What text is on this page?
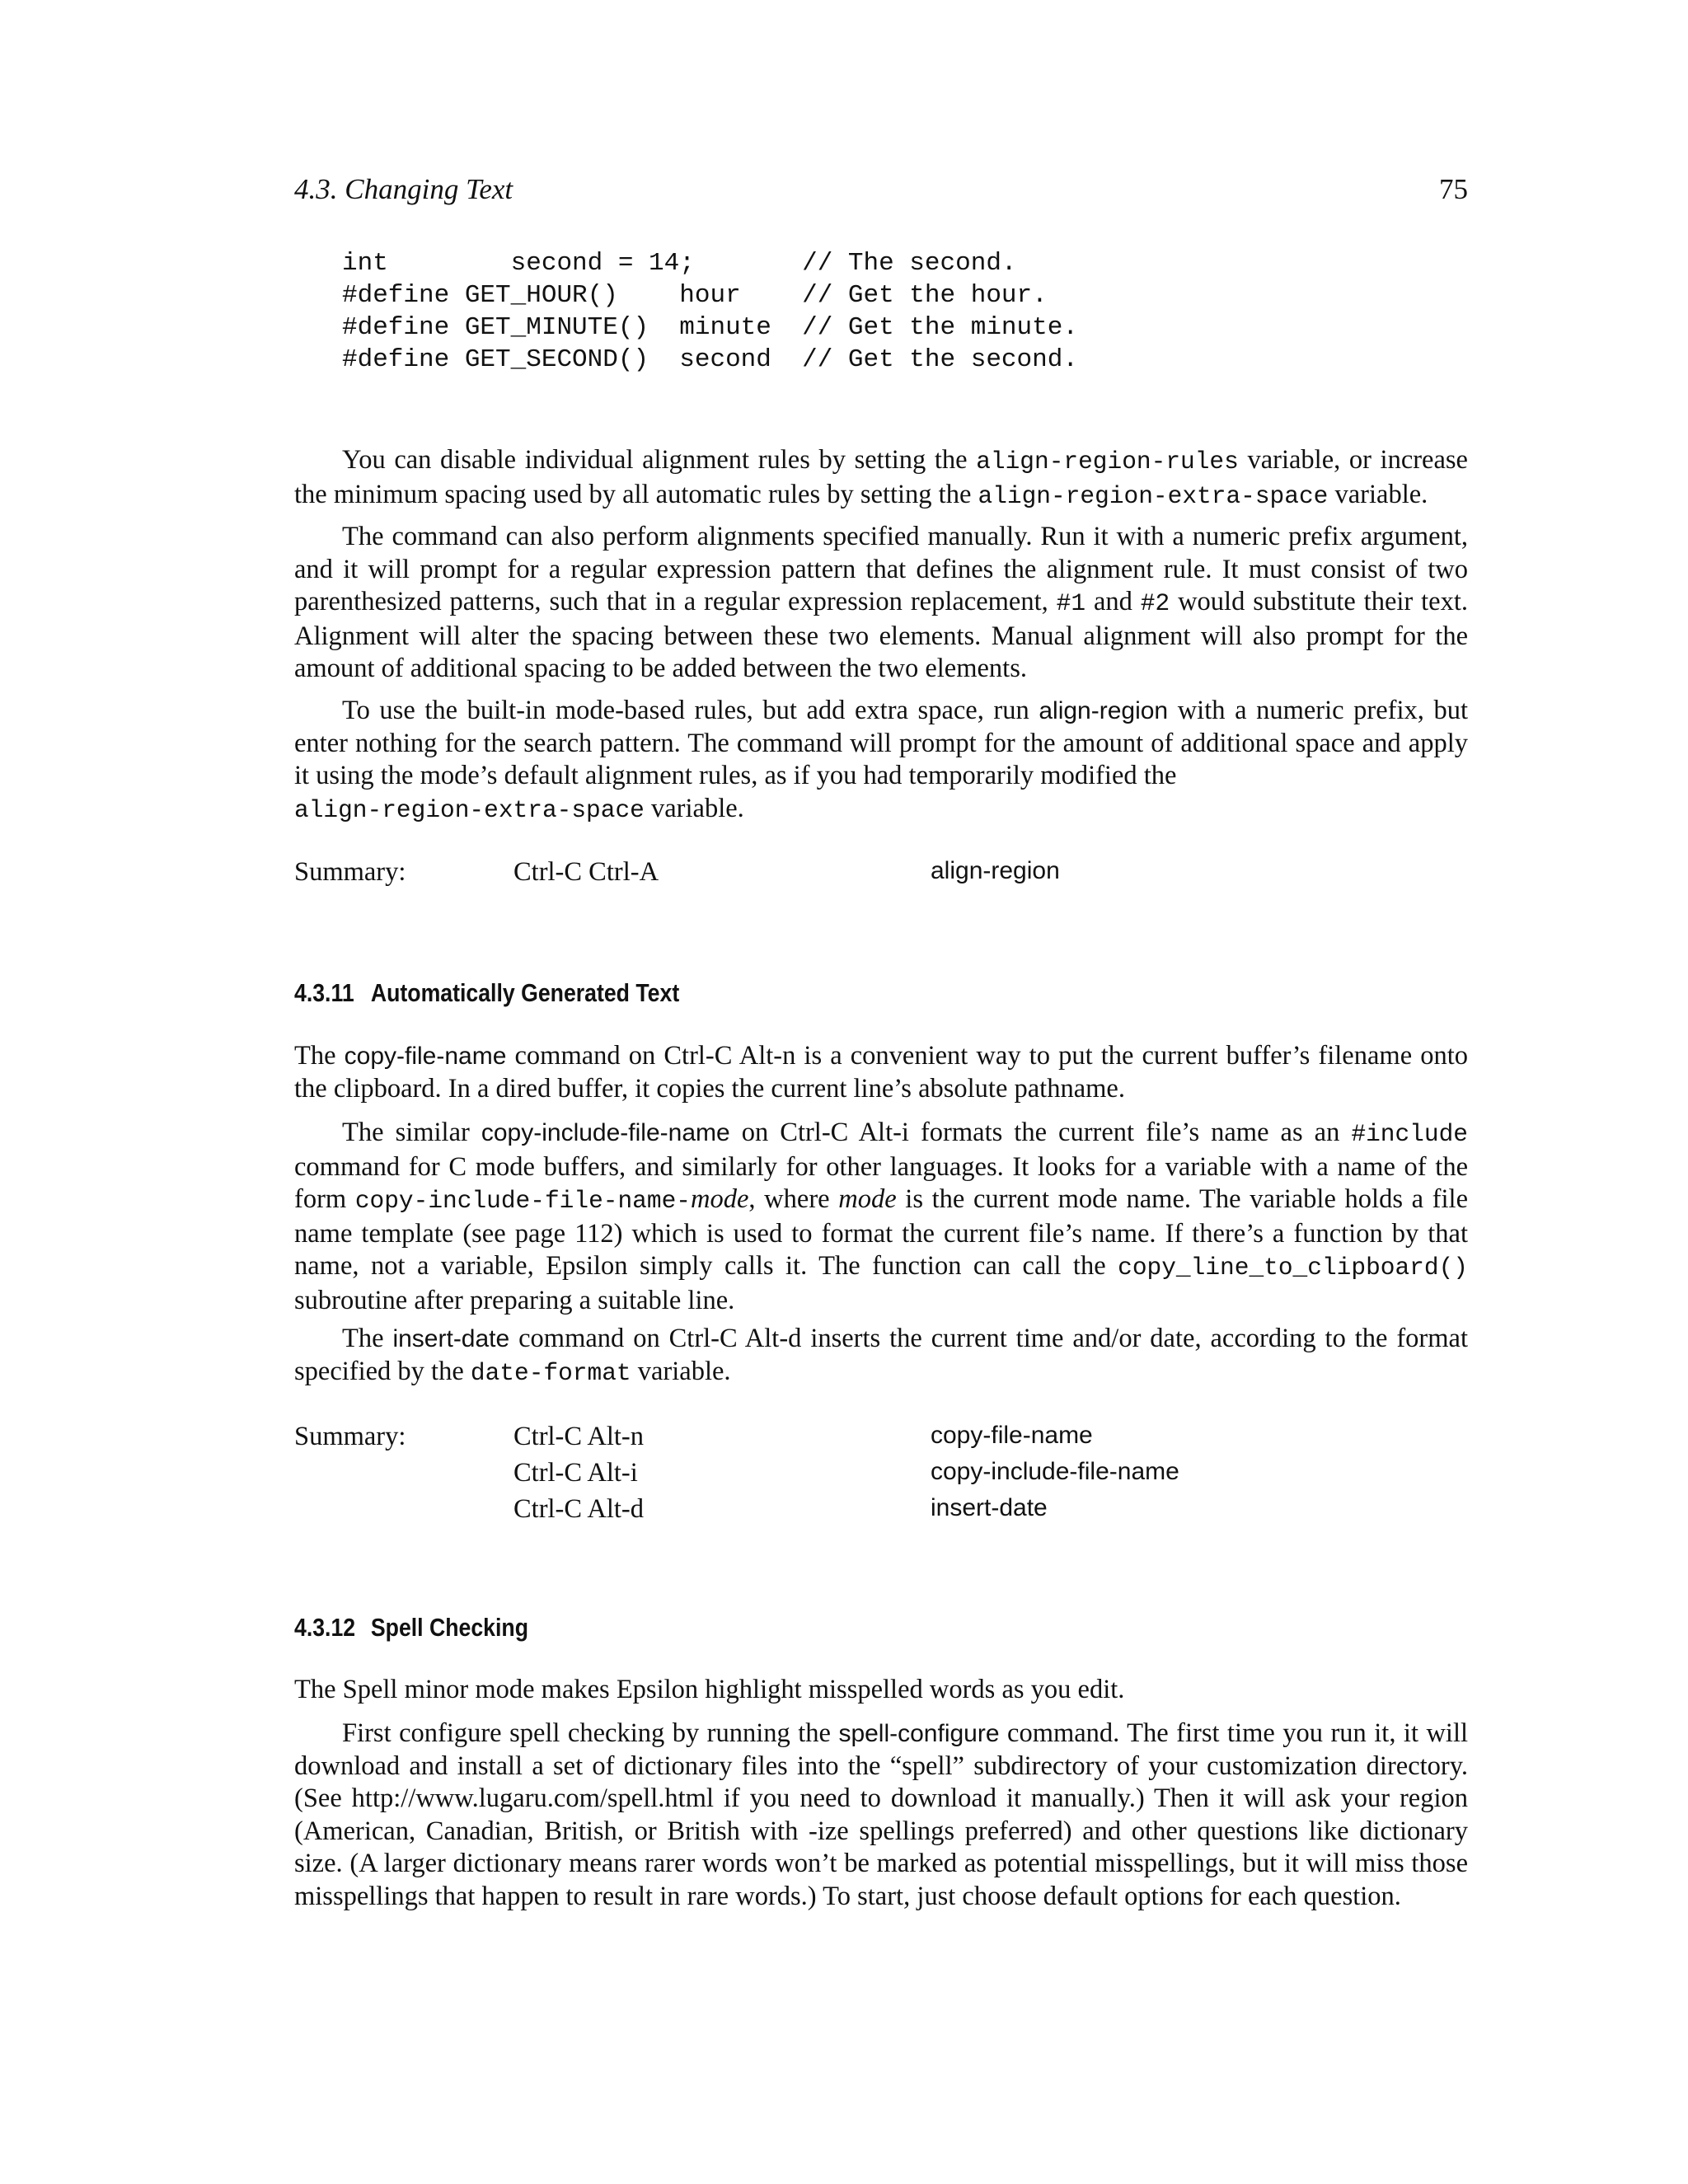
4.3. Changing Text	75
int        second = 14;       // The second.
#define GET_HOUR()    hour    // Get the hour.
#define GET_MINUTE()  minute  // Get the minute.
#define GET_SECOND()  second  // Get the second.

You can disable individual alignment rules by setting the align-region-rules variable, or increase the minimum spacing used by all automatic rules by setting the align-region-extra-space variable.

The command can also perform alignments specified manually. Run it with a numeric prefix argument, and it will prompt for a regular expression pattern that defines the alignment rule. It must consist of two parenthesized patterns, such that in a regular expression replacement, #1 and #2 would substitute their text. Alignment will alter the spacing between these two elements. Manual alignment will also prompt for the amount of additional spacing to be added between the two elements.

To use the built-in mode-based rules, but add extra space, run align-region with a numeric prefix, but enter nothing for the search pattern. The command will prompt for the amount of additional space and apply it using the mode’s default alignment rules, as if you had temporarily modified the
align-region-extra-space variable.

Summary:	Ctrl-C Ctrl-A	align-region
4.3.11 Automatically Generated Text

The copy-file-name command on Ctrl-C Alt-n is a convenient way to put the current buffer’s filename onto the clipboard. In a dired buffer, it copies the current line’s absolute pathname.

The similar copy-include-file-name on Ctrl-C Alt-i formats the current file’s name as an #include command for C mode buffers, and similarly for other languages. It looks for a variable with a name of the form copy-include-file-name-mode, where mode is the current mode name. The variable holds a file name template (see page 112) which is used to format the current file’s name. If there’s a function by that name, not a variable, Epsilon simply calls it. The function can call the copy_line_to_clipboard() subroutine after preparing a suitable line.

The insert-date command on Ctrl-C Alt-d inserts the current time and/or date, according to the format specified by the date-format variable.

Summary:	Ctrl-C Alt-n	copy-file-name
Ctrl-C Alt-i	copy-include-file-name
Ctrl-C Alt-d	insert-date
4.3.12 Spell Checking

The Spell minor mode makes Epsilon highlight misspelled words as you edit.

First configure spell checking by running the spell-configure command. The first time you run it, it will download and install a set of dictionary files into the “spell” subdirectory of your customization directory. (See http://www.lugaru.com/spell.html if you need to download it manually.) Then it will ask your region (American, Canadian, British, or British with -ize spellings preferred) and other questions like dictionary size. (A larger dictionary means rarer words won’t be marked as potential misspellings, but it will miss those misspellings that happen to result in rare words.) To start, just choose default options for each question.
